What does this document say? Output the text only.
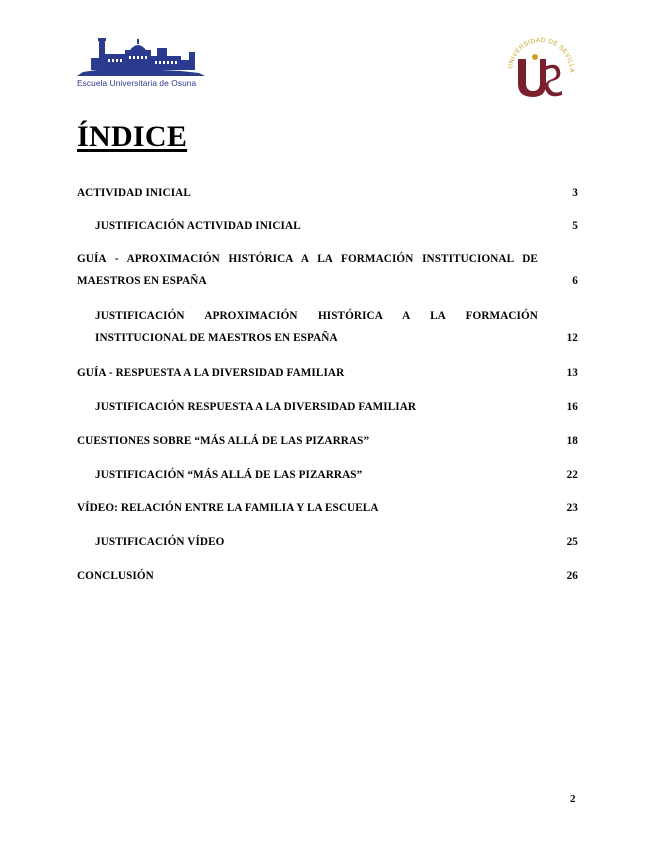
Escuela Universitaria de Osuna
UNIVERSIDAD DE SEVILLA
ÍNDICE
ACTIVIDAD INICIAL	3
JUSTIFICACIÓN ACTIVIDAD INICIAL	5
GUÍA - APROXIMACIÓN HISTÓRICA A LA FORMACIÓN INSTITUCIONAL DE MAESTROS EN ESPAÑA	6
JUSTIFICACIÓN APROXIMACIÓN HISTÓRICA A LA FORMACIÓN INSTITUCIONAL DE MAESTROS EN ESPAÑA	12
GUÍA - RESPUESTA A LA DIVERSIDAD FAMILIAR	13
JUSTIFICACIÓN RESPUESTA A LA DIVERSIDAD FAMILIAR	16
CUESTIONES SOBRE “MÁS ALLÁ DE LAS PIZARRAS”	18
JUSTIFICACIÓN “MÁS ALLÁ DE LAS PIZARRAS”	22
VÍDEO: RELACIÓN ENTRE LA FAMILIA Y LA ESCUELA	23
JUSTIFICACIÓN VÍDEO	25
CONCLUSIÓN	26
2
